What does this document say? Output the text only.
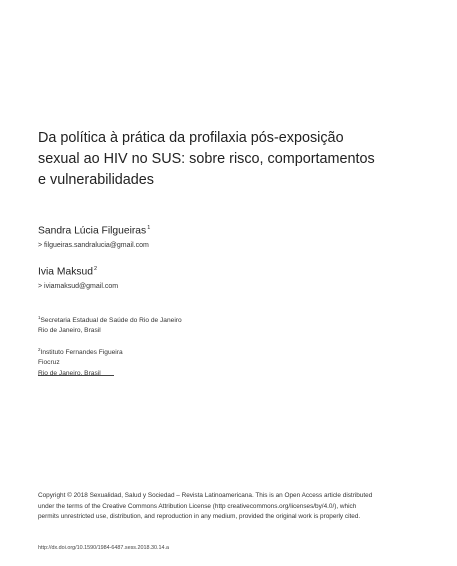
Da política à prática da profilaxia pós-exposição
sexual ao HIV no SUS: sobre risco, comportamentos
e vulnerabilidades
Sandra Lúcia Filgueiras$^1$
> filgueiras.sandralucia@gmail.com
Ivia Maksud$^2$
> iviamaksud@gmail.com
$^1$Secretaria Estadual de Saúde do Rio de Janeiro
Rio de Janeiro, Brasil
$^2$Instituto Fernandes Figueira
Fiocruz
Rio de Janeiro, Brasil
Copyright © 2018 Sexualidad, Salud y Sociedad – Revista Latinoamericana. This is an Open Access article distributed
under the terms of the Creative Commons Attribution License (http creativecommons.org/licenses/by/4.0/), which
permits unrestricted use, distribution, and reproduction in any medium, provided the original work is properly cited.
http://dx.doi.org/10.1590/1984-6487.sess.2018.30.14.a
